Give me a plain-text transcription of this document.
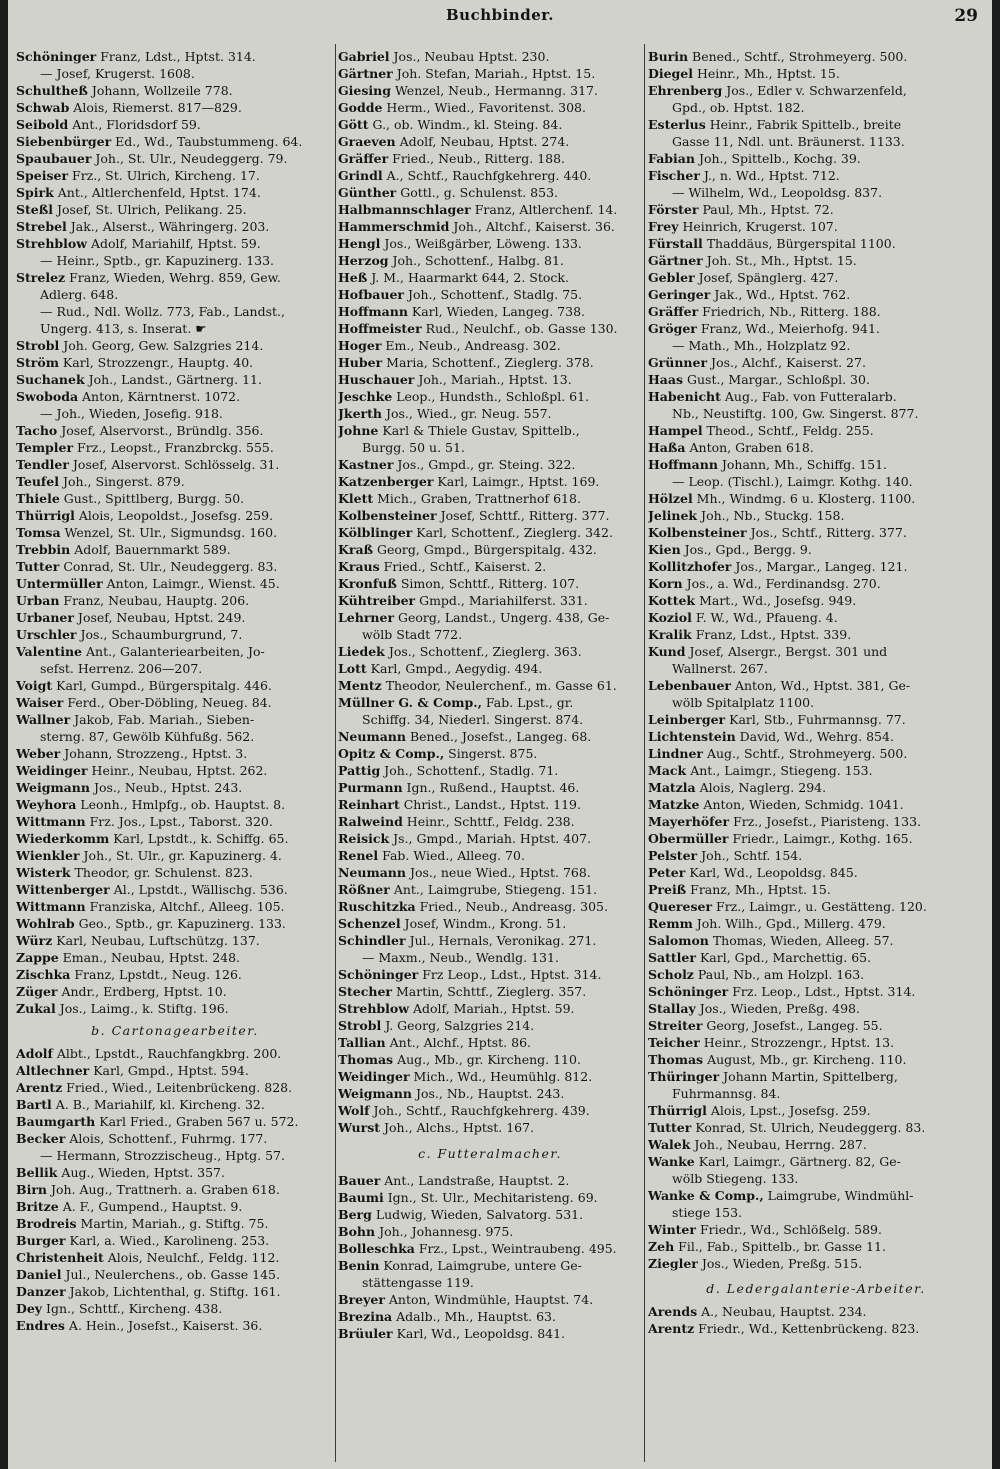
Buchbinder.	29
Schöninger Franz, Ldst., Hptst. 314.
— Josef, Krugerst. 1608.
Schultheß Johann, Wollzeile 778.
Schwab Alois, Riemerst. 817—829.
Seibold Ant., Floridsdorf 59.
Siebenbürger Ed., Wd., Taubstummeng. 64.
Spaubauer Joh., St. Ulr., Neudeggerg. 79.
Speiser Frz., St. Ulrich, Kircheng. 17.
Spirk Ant., Altlerchenfeld, Hptst. 174.
Steßl Josef, St. Ulrich, Pelikang. 25.
Strebel Jak., Alserst., Währingerg. 203.
Strehblow Adolf, Mariahilf, Hptst. 59.
— Heinr., Sptb., gr. Kapuzinerg. 133.
Strelez Franz, Wieden, Wehrg. 859, Gew.
Adlerg. 648.
— Rud., Ndl. Wollz. 773, Fab., Landst.,
Ungerg. 413, s. Inserat. ☛
Strobl Joh. Georg, Gew. Salzgries 214.
Ström Karl, Strozzengr., Hauptg. 40.
Suchanek Joh., Landst., Gärtnerg. 11.
Swoboda Anton, Kärntnerst. 1072.
— Joh., Wieden, Josefig. 918.
Tacho Josef, Alservorst., Bründlg. 356.
Templer Frz., Leopst., Franzbrckg. 555.
Tendler Josef, Alservorst. Schlösselg. 31.
Teufel Joh., Singerst. 879.
Thiele Gust., Spittlberg, Burgg. 50.
Thürrigl Alois, Leopoldst., Josefsg. 259.
Tomsa Wenzel, St. Ulr., Sigmundsg. 160.
Trebbin Adolf, Bauernmarkt 589.
Tutter Conrad, St. Ulr., Neudeggerg. 83.
Untermüller Anton, Laimgr., Wienst. 45.
Urban Franz, Neubau, Hauptg. 206.
Urbaner Josef, Neubau, Hptst. 249.
Urschler Jos., Schaumburgrund, 7.
Valentine Ant., Galanteriearbeiten, Jo-
sefst. Herrenz. 206—207.
Voigt Karl, Gumpd., Bürgerspitalg. 446.
Waiser Ferd., Ober-Döbling, Neueg. 84.
Wallner Jakob, Fab. Mariah., Sieben-
sterng. 87, Gewölb Kühfußg. 562.
Weber Johann, Strozzeng., Hptst. 3.
Weidinger Heinr., Neubau, Hptst. 262.
Weigmann Jos., Neub., Hptst. 243.
Weyhora Leonh., Hmlpfg., ob. Hauptst. 8.
Wittmann Frz. Jos., Lpst., Taborst. 320.
Wiederkomm Karl, Lpstdt., k. Schiffg. 65.
Wienkler Joh., St. Ulr., gr. Kapuzinerg. 4.
Wisterk Theodor, gr. Schulenst. 823.
Wittenberger Al., Lpstdt., Wällischg. 536.
Wittmann Franziska, Altchf., Alleeg. 105.
Wohlrab Geo., Sptb., gr. Kapuzinerg. 133.
Würz Karl, Neubau, Luftschützg. 137.
Zappe Eman., Neubau, Hptst. 248.
Zischka Franz, Lpstdt., Neug. 126.
Züger Andr., Erdberg, Hptst. 10.
Zukal Jos., Laimg., k. Stiftg. 196.
b. Cartonagearbeiter.
Adolf Albt., Lpstdt., Rauchfangkbrg. 200.
Altlechner Karl, Gmpd., Hptst. 594.
Arentz Fried., Wied., Leitenbrückeng. 828.
Bartl A. B., Mariahilf, kl. Kircheng. 32.
Baumgarth Karl Fried., Graben 567 u. 572.
Becker Alois, Schottenf., Fuhrmg. 177.
— Hermann, Strozzischeug., Hptg. 57.
Bellik Aug., Wieden, Hptst. 357.
Birn Joh. Aug., Trattnerh. a. Graben 618.
Britze A. F., Gumpend., Hauptst. 9.
Brodreis Martin, Mariah., g. Stiftg. 75.
Burger Karl, a. Wied., Karolineng. 253.
Christenheit Alois, Neulchf., Feldg. 112.
Daniel Jul., Neulerchens., ob. Gasse 145.
Danzer Jakob, Lichtenthal, g. Stiftg. 161.
Dey Ign., Schttf., Kircheng. 438.
Endres A. Hein., Josefst., Kaiserst. 36.
Gabriel Jos., Neubau Hptst. 230.
Gärtner Joh. Stefan, Mariah., Hptst. 15.
Giesing Wenzel, Neub., Hermanng. 317.
Godde Herm., Wied., Favoritenst. 308.
Gött G., ob. Windm., kl. Steing. 84.
Graeven Adolf, Neubau, Hptst. 274.
Gräffer Fried., Neub., Ritterg. 188.
Grindl A., Schtf., Rauchfgkehrerg. 440.
Günther Gottl., g. Schulenst. 853.
Halbmannschlager Franz, Altlerchenf. 14.
Hammerschmid Joh., Altchf., Kaiserst. 36.
Hengl Jos., Weißgärber, Löweng. 133.
Herzog Joh., Schottenf., Halbg. 81.
Heß J. M., Haarmarkt 644, 2. Stock.
Hofbauer Joh., Schottenf., Stadlg. 75.
Hoffmann Karl, Wieden, Langeg. 738.
Hoffmeister Rud., Neulchf., ob. Gasse 130.
Hoger Em., Neub., Andreasg. 302.
Huber Maria, Schottenf., Zieglerg. 378.
Huschauer Joh., Mariah., Hptst. 13.
Jeschke Leop., Hundsth., Schloßpl. 61.
Jkerth Jos., Wied., gr. Neug. 557.
Johne Karl & Thiele Gustav, Spittelb.,
Burgg. 50 u. 51.
Kastner Jos., Gmpd., gr. Steing. 322.
Katzenberger Karl, Laimgr., Hptst. 169.
Klett Mich., Graben, Trattnerhof 618.
Kolbensteiner Josef, Schttf., Ritterg. 377.
Kölblinger Karl, Schottenf., Zieglerg. 342.
Kraß Georg, Gmpd., Bürgerspitalg. 432.
Kraus Fried., Schtf., Kaiserst. 2.
Kronfuß Simon, Schttf., Ritterg. 107.
Kühtreiber Gmpd., Mariahilferst. 331.
Lehrner Georg, Landst., Ungerg. 438, Ge-
wölb Stadt 772.
Liedek Jos., Schottenf., Zieglerg. 363.
Lott Karl, Gmpd., Aegydig. 494.
Mentz Theodor, Neulerchenf., m. Gasse 61.
Müllner G. & Comp., Fab. Lpst., gr.
Schiffg. 34, Niederl. Singerst. 874.
Neumann Bened., Josefst., Langeg. 68.
Opitz & Comp., Singerst. 875.
Pattig Joh., Schottenf., Stadlg. 71.
Purmann Ign., Rußend., Hauptst. 46.
Reinhart Christ., Landst., Hptst. 119.
Ralweind Heinr., Schttf., Feldg. 238.
Reisick Js., Gmpd., Mariah. Hptst. 407.
Renel Fab. Wied., Alleeg. 70.
Neumann Jos., neue Wied., Hptst. 768.
Rößner Ant., Laimgrube, Stiegeng. 151.
Ruschitzka Fried., Neub., Andreasg. 305.
Schenzel Josef, Windm., Krong. 51.
Schindler Jul., Hernals, Veronikag. 271.
— Maxm., Neub., Wendlg. 131.
Schöninger Frz Leop., Ldst., Hptst. 314.
Stecher Martin, Schttf., Zieglerg. 357.
Strehblow Adolf, Mariah., Hptst. 59.
Strobl J. Georg, Salzgries 214.
Tallian Ant., Alchf., Hptst. 86.
Thomas Aug., Mb., gr. Kircheng. 110.
Weidinger Mich., Wd., Heumühlg. 812.
Weigmann Jos., Nb., Hauptst. 243.
Wolf Joh., Schtf., Rauchfgkehrerg. 439.
Wurst Joh., Alchs., Hptst. 167.
c. Futteralmacher.
Bauer Ant., Landstraße, Hauptst. 2.
Baumi Ign., St. Ulr., Mechitaristeng. 69.
Berg Ludwig, Wieden, Salvatorg. 531.
Bohn Joh., Johannesg. 975.
Bolleschka Frz., Lpst., Weintraubeng. 495.
Benin Konrad, Laimgrube, untere Ge-
stättengasse 119.
Breyer Anton, Windmühle, Hauptst. 74.
Brezina Adalb., Mh., Hauptst. 63.
Brüuler Karl, Wd., Leopoldsg. 841.
Burin Bened., Schtf., Strohmeyerg. 500.
Diegel Heinr., Mh., Hptst. 15.
Ehrenberg Jos., Edler v. Schwarzenfeld,
Gpd., ob. Hptst. 182.
Esterlus Heinr., Fabrik Spittelb., breite
Gasse 11, Ndl. unt. Bräunerst. 1133.
Fabian Joh., Spittelb., Kochg. 39.
Fischer J., n. Wd., Hptst. 712.
— Wilhelm, Wd., Leopoldsg. 837.
Förster Paul, Mh., Hptst. 72.
Frey Heinrich, Krugerst. 107.
Fürstall Thaddäus, Bürgerspital 1100.
Gärtner Joh. St., Mh., Hptst. 15.
Gebler Josef, Spänglerg. 427.
Geringer Jak., Wd., Hptst. 762.
Gräffer Friedrich, Nb., Ritterg. 188.
Gröger Franz, Wd., Meierhofg. 941.
— Math., Mh., Holzplatz 92.
Grünner Jos., Alchf., Kaiserst. 27.
Haas Gust., Margar., Schloßpl. 30.
Habenicht Aug., Fab. von Futteralarb.
Nb., Neustiftg. 100, Gw. Singerst. 877.
Hampel Theod., Schtf., Feldg. 255.
Haßa Anton, Graben 618.
Hoffmann Johann, Mh., Schiffg. 151.
— Leop. (Tischl.), Laimgr. Kothg. 140.
Hölzel Mh., Windmg. 6 u. Klosterg. 1100.
Jelinek Joh., Nb., Stuckg. 158.
Kolbensteiner Jos., Schtf., Ritterg. 377.
Kien Jos., Gpd., Bergg. 9.
Kollitzhofer Jos., Margar., Langeg. 121.
Korn Jos., a. Wd., Ferdinandsg. 270.
Kottek Mart., Wd., Josefsg. 949.
Koziol F. W., Wd., Pfaueng. 4.
Kralik Franz, Ldst., Hptst. 339.
Kund Josef, Alsergr., Bergst. 301 und
Wallnerst. 267.
Lebenbauer Anton, Wd., Hptst. 381, Ge-
wölb Spitalplatz 1100.
Leinberger Karl, Stb., Fuhrmannsg. 77.
Lichtenstein David, Wd., Wehrg. 854.
Lindner Aug., Schtf., Strohmeyerg. 500.
Mack Ant., Laimgr., Stiegeng. 153.
Matzla Alois, Naglerg. 294.
Matzke Anton, Wieden, Schmidg. 1041.
Mayerhöfer Frz., Josefst., Piaristeng. 133.
Obermüller Friedr., Laimgr., Kothg. 165.
Pelster Joh., Schtf. 154.
Peter Karl, Wd., Leopoldsg. 845.
Preiß Franz, Mh., Hptst. 15.
Quereser Frz., Laimgr., u. Gestätteng. 120.
Remm Joh. Wilh., Gpd., Millerg. 479.
Salomon Thomas, Wieden, Alleeg. 57.
Sattler Karl, Gpd., Marchettig. 65.
Scholz Paul, Nb., am Holzpl. 163.
Schöninger Frz. Leop., Ldst., Hptst. 314.
Stallay Jos., Wieden, Preßg. 498.
Streiter Georg, Josefst., Langeg. 55.
Teicher Heinr., Strozzengr., Hptst. 13.
Thomas August, Mb., gr. Kircheng. 110.
Thüringer Johann Martin, Spittelberg,
Fuhrmannsg. 84.
Thürrigl Alois, Lpst., Josefsg. 259.
Tutter Konrad, St. Ulrich, Neudeggerg. 83.
Walek Joh., Neubau, Herrng. 287.
Wanke Karl, Laimgr., Gärtnerg. 82, Ge-
wölb Stiegeng. 133.
Wanke & Comp., Laimgrube, Windmühl-
stiege 153.
Winter Friedr., Wd., Schlößelg. 589.
Zeh Fil., Fab., Spittelb., br. Gasse 11.
Ziegler Jos., Wieden, Preßg. 515.
d. Ledergalanterie-Arbeiter.
Arends A., Neubau, Hauptst. 234.
Arentz Friedr., Wd., Kettenbrückeng. 823.
